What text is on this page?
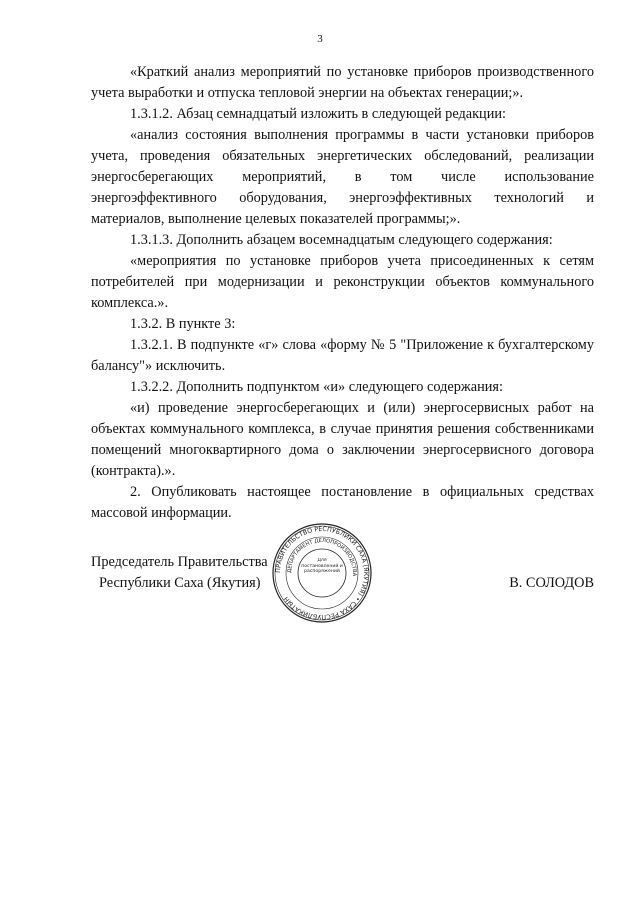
3

«Краткий анализ мероприятий по установке приборов производственного учета выработки и отпуска тепловой энергии на объектах генерации;».

1.3.1.2. Абзац семнадцатый изложить в следующей редакции:

«анализ состояния выполнения программы в части установки приборов учета, проведения обязательных энергетических обследований, реализации энергосберегающих мероприятий, в том числе использованиe энергоэффективного оборудования, энергоэффективных технологий и материалов, выполнение целевых показателей программы;».

1.3.1.3. Дополнить абзацем восемнадцатым следующего содержания:

«мероприятия по установке приборов учета присоединенных к сетям потребителей при модернизации и реконструкции объектов коммунального комплекса.».

1.3.2. В пункте 3:

1.3.2.1. В подпункте «г» слова «форму № 5 "Приложение к бухгалтерскому балансу"» исключить.

1.3.2.2. Дополнить подпунктом «и» следующего содержания:

«и) проведение энергосберегающих и (или) энергосервисных работ на объектах коммунального комплекса, в случае принятия решения собственниками помещений многоквартирного дома о заключении энергосервисного договора (контракта).».

2. Опубликовать настоящее постановление в официальных средствах массовой информации.

Председатель Правительства
Республики Саха (Якутия)	В. СОЛОДОВ
ПРАВИТЕЛЬСТВО РЕСПУБЛИКИ САХА (ЯКУТИЯ) • САХА РЕСПУБЛИКАТЫН
ДЕПАРТАМЕНТ ДЕЛОПРОИЗВОДСТВА
Для постановлений и распоряжений
